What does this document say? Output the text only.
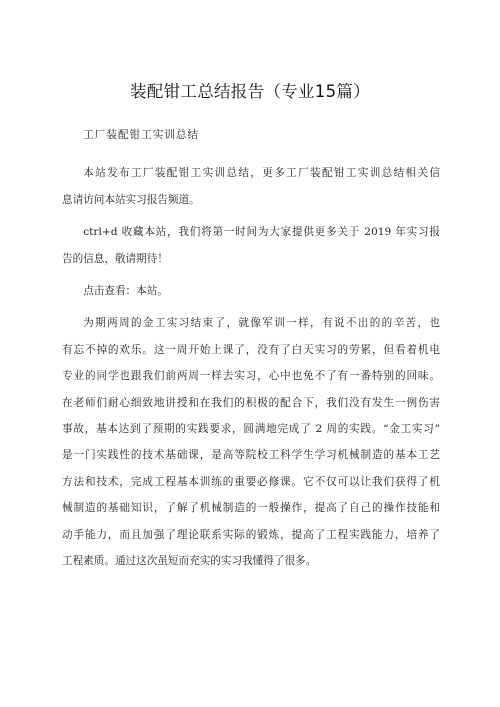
装配钳工总结报告（专业15篇）

工厂装配钳工实训总结

本站发布工厂装配钳工实训总结，更多工厂装配钳工实训总结相关信
息请访问本站实习报告频道。

ctrl+d 收藏本站，我们将第一时间为大家提供更多关于 2019 年实习报
告的信息，敬请期待！

点击查看：本站。

为期两周的金工实习结束了，就像军训一样，有说不出的的辛苦，也
有忘不掉的欢乐。这一周开始上课了，没有了白天实习的劳累，但看着机电
专业的同学也跟我们前两周一样去实习，心中也免不了有一番特别的回味。
在老师们耐心细致地讲授和在我们的积极的配合下，我们没有发生一例伤害
事故，基本达到了预期的实践要求，圆满地完成了 2 周的实践。“金工实习”
是一门实践性的技术基础课，是高等院校工科学生学习机械制造的基本工艺
方法和技术，完成工程基本训练的重要必修课。它不仅可以让我们获得了机
械制造的基础知识，了解了机械制造的一般操作，提高了自己的操作技能和
动手能力，而且加强了理论联系实际的锻炼，提高了工程实践能力，培养了
工程素质。通过这次虽短而充实的实习我懂得了很多。
